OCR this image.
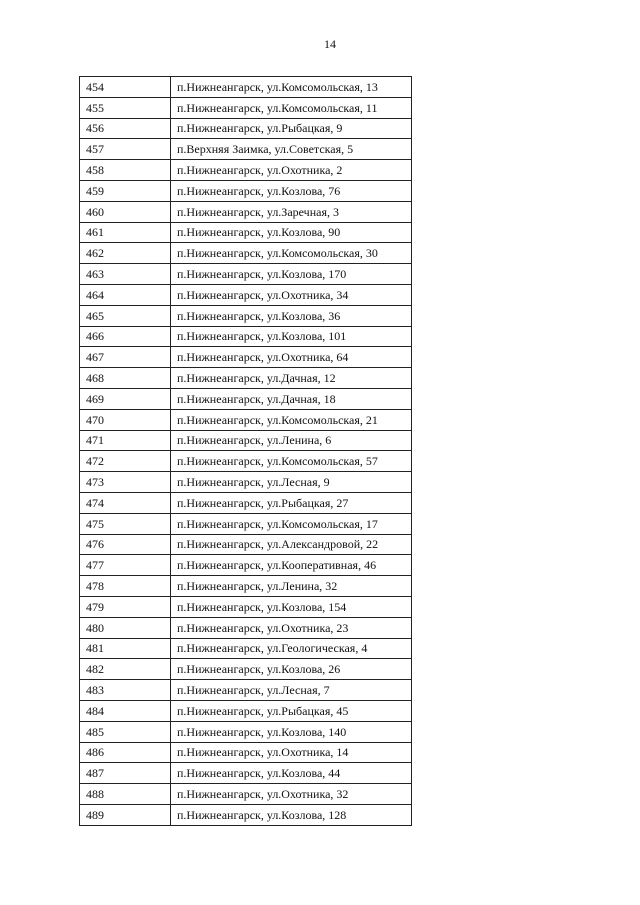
14
454	п.Нижнеангарск, ул.Комсомольская, 13
455	п.Нижнеангарск, ул.Комсомольская, 11
456	п.Нижнеангарск, ул.Рыбацкая, 9
457	п.Верхняя Заимка, ул.Советская, 5
458	п.Нижнеангарск, ул.Охотника, 2
459	п.Нижнеангарск, ул.Козлова, 76
460	п.Нижнеангарск, ул.Заречная, 3
461	п.Нижнеангарск, ул.Козлова, 90
462	п.Нижнеангарск, ул.Комсомольская, 30
463	п.Нижнеангарск, ул.Козлова, 170
464	п.Нижнеангарск, ул.Охотника, 34
465	п.Нижнеангарск, ул.Козлова, 36
466	п.Нижнеангарск, ул.Козлова, 101
467	п.Нижнеангарск, ул.Охотника, 64
468	п.Нижнеангарск, ул.Дачная, 12
469	п.Нижнеангарск, ул.Дачная, 18
470	п.Нижнеангарск, ул.Комсомольская, 21
471	п.Нижнеангарск, ул.Ленина, 6
472	п.Нижнеангарск, ул.Комсомольская, 57
473	п.Нижнеангарск, ул.Лесная, 9
474	п.Нижнеангарск, ул.Рыбацкая, 27
475	п.Нижнеангарск, ул.Комсомольская, 17
476	п.Нижнеангарск, ул.Александровой, 22
477	п.Нижнеангарск, ул.Кооперативная, 46
478	п.Нижнеангарск, ул.Ленина, 32
479	п.Нижнеангарск, ул.Козлова, 154
480	п.Нижнеангарск, ул.Охотника, 23
481	п.Нижнеангарск, ул.Геологическая, 4
482	п.Нижнеангарск, ул.Козлова, 26
483	п.Нижнеангарск, ул.Лесная, 7
484	п.Нижнеангарск, ул.Рыбацкая, 45
485	п.Нижнеангарск, ул.Козлова, 140
486	п.Нижнеангарск, ул.Охотника, 14
487	п.Нижнеангарск, ул.Козлова, 44
488	п.Нижнеангарск, ул.Охотника, 32
489	п.Нижнеангарск, ул.Козлова, 128
